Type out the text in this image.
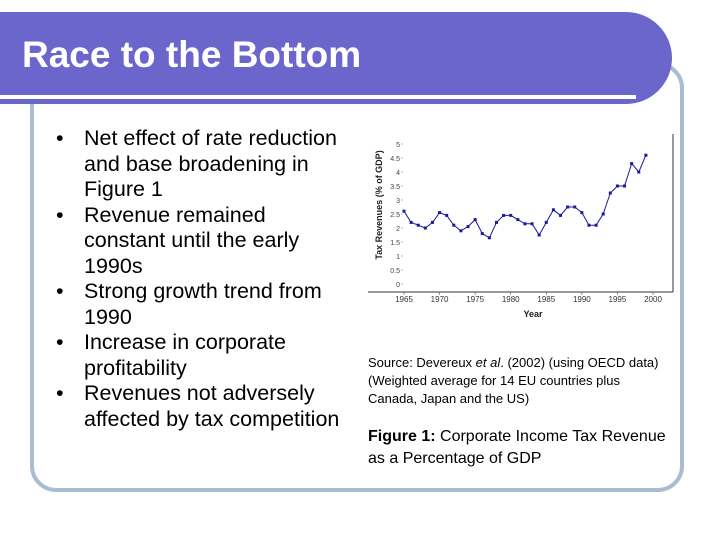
Race to the Bottom
• Net effect of rate reduction and base broadening in Figure 1
• Revenue remained constant until the early 1990s
• Strong growth trend from 1990
• Increase in corporate profitability
• Revenues not adversely affected by tax competition
Tax Revenues (% of GDP)
Year
5
4.5
4
3.5
3
2.5
2
1.5
1
0.5
0
1965 1970 1975 1980 1985 1990 1995 2000
Source: Devereux et al. (2002) (using OECD data)
(Weighted average for 14 EU countries plus
Canada, Japan and the US)
Figure 1: Corporate Income Tax Revenue as a Percentage of GDP
